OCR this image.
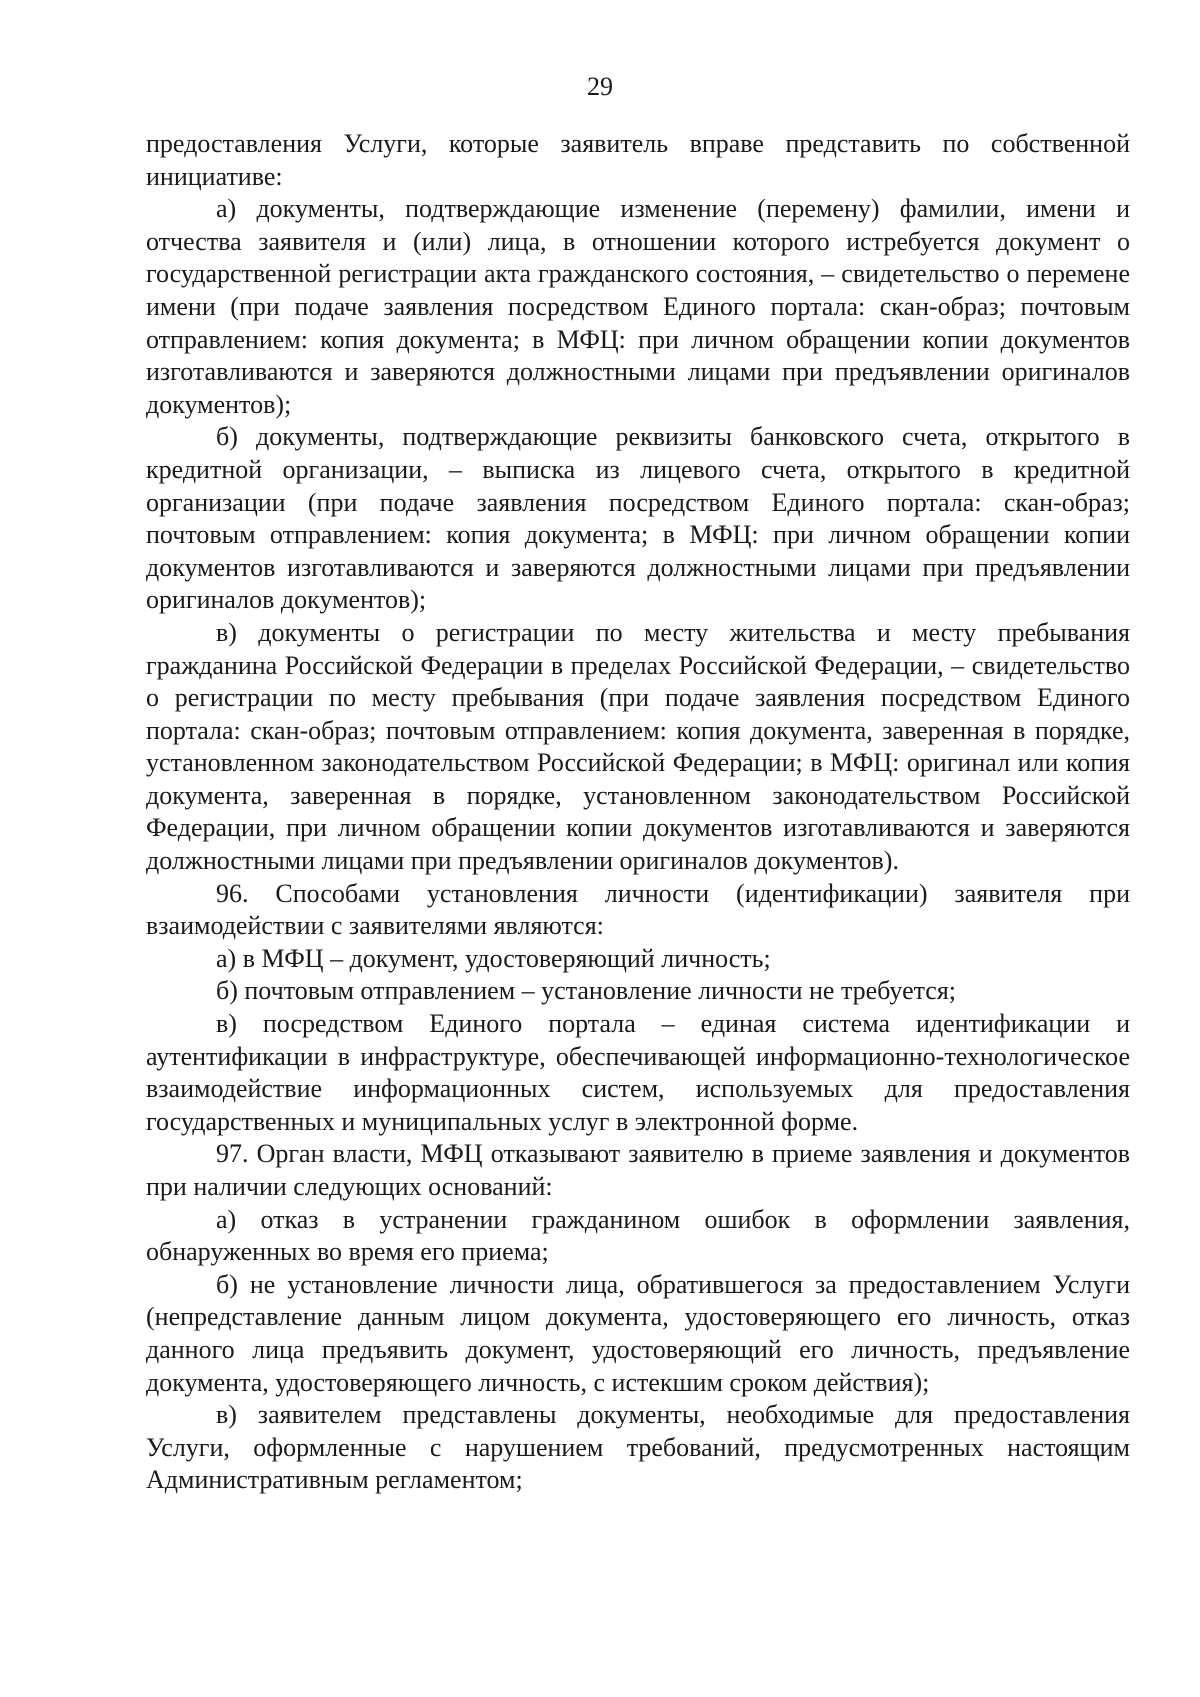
29

предоставления Услуги, которые заявитель вправе представить по собственной инициативе:

а) документы, подтверждающие изменение (перемену) фамилии, имени и отчества заявителя и (или) лица, в отношении которого истребуется документ о государственной регистрации акта гражданского состояния, – свидетельство о перемене имени (при подаче заявления посредством Единого портала: скан-образ; почтовым отправлением: копия документа; в МФЦ: при личном обращении копии документов изготавливаются и заверяются должностными лицами при предъявлении оригиналов документов);

б) документы, подтверждающие реквизиты банковского счета, открытого в кредитной организации, – выписка из лицевого счета, открытого в кредитной организации (при подаче заявления посредством Единого портала: скан-образ; почтовым отправлением: копия документа; в МФЦ: при личном обращении копии документов изготавливаются и заверяются должностными лицами при предъявлении оригиналов документов);

в) документы о регистрации по месту жительства и месту пребывания гражданина Российской Федерации в пределах Российской Федерации, – свидетельство о регистрации по месту пребывания (при подаче заявления посредством Единого портала: скан-образ; почтовым отправлением: копия документа, заверенная в порядке, установленном законодательством Российской Федерации; в МФЦ: оригинал или копия документа, заверенная в порядке, установленном законодательством Российской Федерации, при личном обращении копии документов изготавливаются и заверяются должностными лицами при предъявлении оригиналов документов).

96. Способами установления личности (идентификации) заявителя при взаимодействии с заявителями являются:

а) в МФЦ – документ, удостоверяющий личность;

б) почтовым отправлением – установление личности не требуется;

в) посредством Единого портала – единая система идентификации и аутентификации в инфраструктуре, обеспечивающей информационно-технологическое взаимодействие информационных систем, используемых для предоставления государственных и муниципальных услуг в электронной форме.

97. Орган власти, МФЦ отказывают заявителю в приеме заявления и документов при наличии следующих оснований:

а) отказ в устранении гражданином ошибок в оформлении заявления, обнаруженных во время его приема;

б) не установление личности лица, обратившегося за предоставлением Услуги (непредставление данным лицом документа, удостоверяющего его личность, отказ данного лица предъявить документ, удостоверяющий его личность, предъявление документа, удостоверяющего личность, с истекшим сроком действия);

в) заявителем представлены документы, необходимые для предоставления Услуги, оформленные с нарушением требований, предусмотренных настоящим Административным регламентом;
